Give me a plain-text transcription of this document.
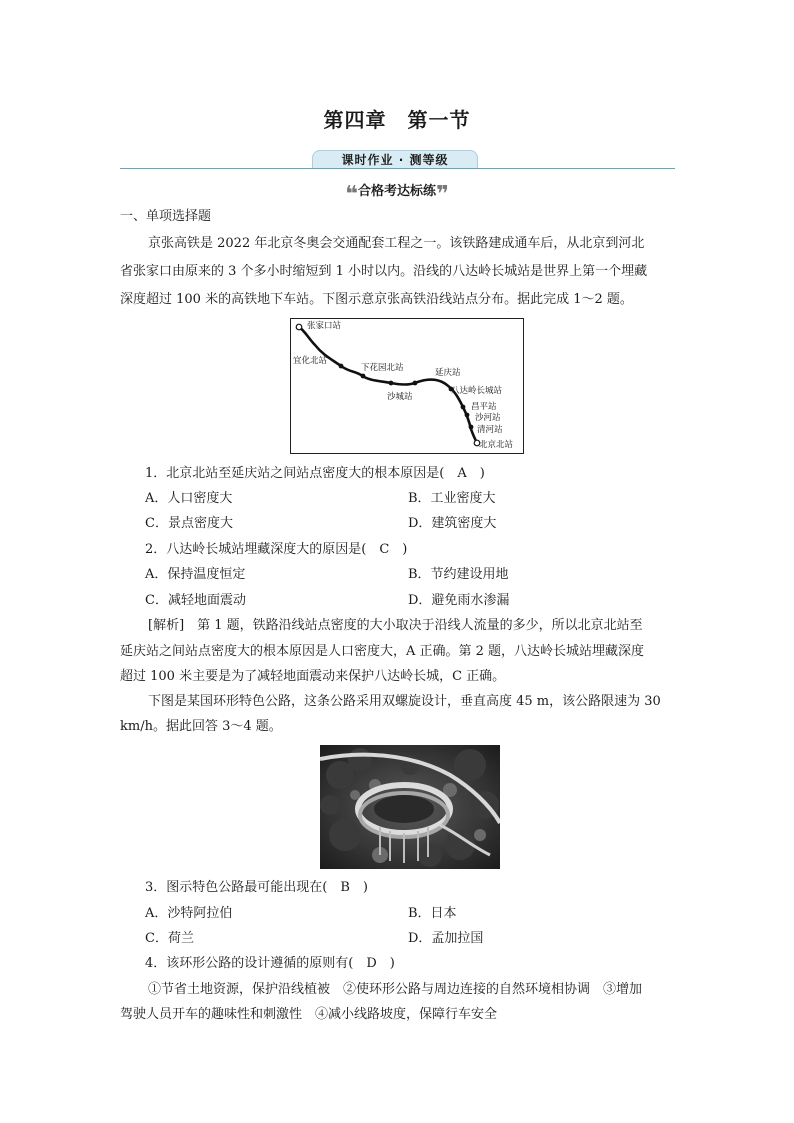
第四章　第一节
课时作业 · 测等级
❝合格考达标练❞
一、单项选择题
京张高铁是 2022 年北京冬奥会交通配套工程之一。该铁路建成通车后，从北京到河北
省张家口由原来的 3 个多小时缩短到 1 小时以内。沿线的八达岭长城站是世界上第一个埋藏
深度超过 100 米的高铁地下车站。下图示意京张高铁沿线站点分布。据此完成 1～2 题。
张家口站
宜化北站
下花园北站
沙城站
延庆站
八达岭长城站
昌平站
沙河站
清河站
北京北站
1．北京北站至延庆站之间站点密度大的根本原因是(　A　)
A．人口密度大	B．工业密度大
C．景点密度大	D．建筑密度大
2．八达岭长城站埋藏深度大的原因是(　C　)
A．保持温度恒定	B．节约建设用地
C．减轻地面震动	D．避免雨水渗漏
[解析]　第 1 题，铁路沿线站点密度的大小取决于沿线人流量的多少，所以北京北站至
延庆站之间站点密度大的根本原因是人口密度大，A 正确。第 2 题，八达岭长城站埋藏深度
超过 100 米主要是为了减轻地面震动来保护八达岭长城，C 正确。
下图是某国环形特色公路，这条公路采用双螺旋设计，垂直高度 45 m，该公路限速为 30
km/h。据此回答 3～4 题。
3．图示特色公路最可能出现在(　B　)
A．沙特阿拉伯	B．日本
C．荷兰	D．孟加拉国
4．该环形公路的设计遵循的原则有(　D　)
①节省土地资源，保护沿线植被　②使环形公路与周边连接的自然环境相协调　③增加
驾驶人员开车的趣味性和刺激性　④减小线路坡度，保障行车安全
